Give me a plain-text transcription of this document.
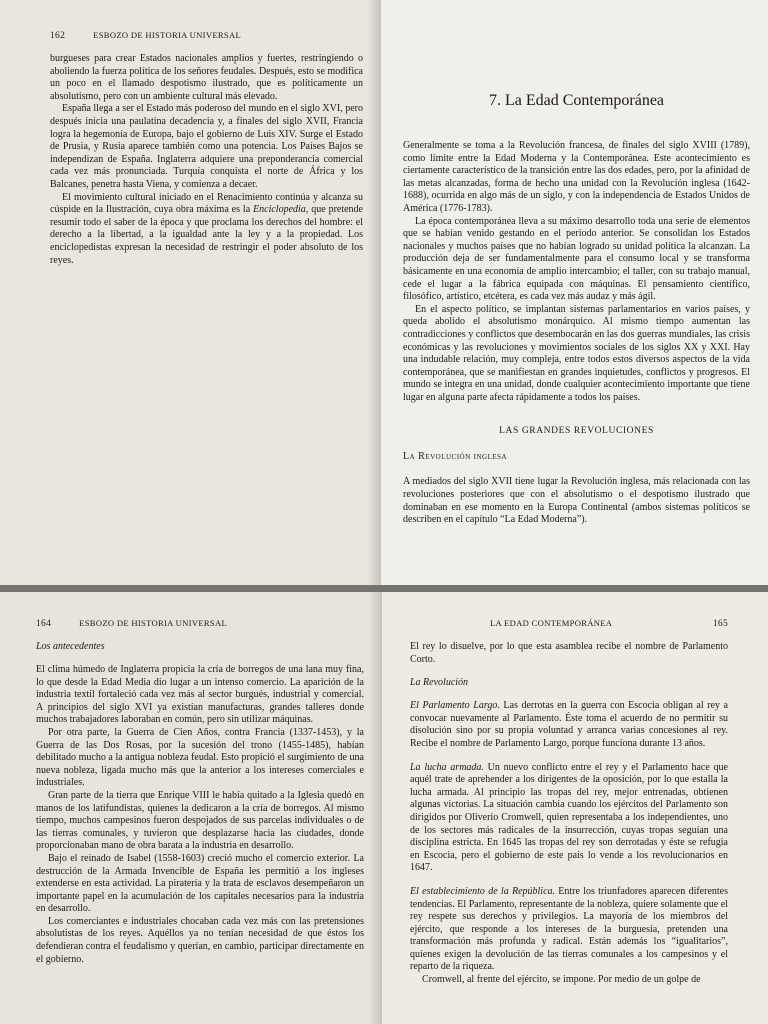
162	ESBOZO DE HISTORIA UNIVERSAL

burgueses para crear Estados nacionales amplios y fuertes, restringiendo o aboliendo la fuerza política de los señores feudales. Después, esto se modifica un poco en el llamado despotismo ilustrado, que es políticamente un absolutismo, pero con un ambiente cultural más elevado.

España llega a ser el Estado más poderoso del mundo en el siglo XVI, pero después inicia una paulatina decadencia y, a finales del siglo XVII, Francia logra la hegemonía de Europa, bajo el gobierno de Luis XIV. Surge el Estado de Prusia, y Rusia aparece también como una potencia. Los Países Bajos se independizan de España. Inglaterra adquiere una preponderancia comercial cada vez más pronunciada. Turquía conquista el norte de África y los Balcanes, penetra hasta Viena, y comienza a decaer.

El movimiento cultural iniciado en el Renacimiento continúa y alcanza su cúspide en la Ilustración, cuya obra máxima es la Enciclopedia, que pretende resumir todo el saber de la época y que proclama los derechos del hombre: el derecho a la libertad, a la igualdad ante la ley y a la propiedad. Los enciclopedistas expresan la necesidad de restringir el poder absoluto de los reyes.

7. La Edad Contemporánea

Generalmente se toma a la Revolución francesa, de finales del siglo XVIII (1789), como límite entre la Edad Moderna y la Contemporánea. Este acontecimiento es ciertamente característico de la transición entre las dos edades, pero, por la afinidad de las metas alcanzadas, forma de hecho una unidad con la Revolución inglesa (1642-1688), ocurrida en algo más de un siglo, y con la independencia de Estados Unidos de América (1776-1783).

La época contemporánea lleva a su máximo desarrollo toda una serie de elementos que se habían venido gestando en el periodo anterior. Se consolidan los Estados nacionales y muchos países que no habían logrado su unidad política la alcanzan. La producción deja de ser fundamentalmente para el consumo local y se transforma básicamente en una economía de amplio intercambio; el taller, con su trabajo manual, cede el lugar a la fábrica equipada con máquinas. El pensamiento científico, filosófico, artístico, etcétera, es cada vez más audaz y más ágil.

En el aspecto político, se implantan sistemas parlamentarios en varios países, y queda abolido el absolutismo monárquico. Al mismo tiempo aumentan las contradicciones y conflictos que desembocarán en las dos guerras mundiales, las crisis económicas y las revoluciones y movimientos sociales de los siglos XX y XXI. Hay una indudable relación, muy compleja, entre todos estos diversos aspectos de la vida contemporánea, que se manifiestan en grandes inquietudes, conflictos y progresos. El mundo se integra en una unidad, donde cualquier acontecimiento importante que tiene lugar en alguna parte afecta rápidamente a todos los países.

LAS GRANDES REVOLUCIONES
La Revolución inglesa

A mediados del siglo XVII tiene lugar la Revolución inglesa, más relacionada con las revoluciones posteriores que con el absolutismo o el despotismo ilustrado que dominaban en ese momento en la Europa Continental (ambos sistemas políticos se describen en el capítulo “La Edad Moderna”).

164	ESBOZO DE HISTORIA UNIVERSAL
Los antecedentes

El clima húmedo de Inglaterra propicia la cría de borregos de una lana muy fina, lo que desde la Edad Media dio lugar a un intenso comercio. La aparición de la industria textil fortaleció cada vez más al sector burgués, industrial y comercial. A principios del siglo XVI ya existían manufacturas, grandes talleres donde muchos trabajadores laboraban en común, pero sin utilizar máquinas.

Por otra parte, la Guerra de Cien Años, contra Francia (1337-1453), y la Guerra de las Dos Rosas, por la sucesión del trono (1455-1485), habían debilitado mucho a la antigua nobleza feudal. Esto propició el surgimiento de una nueva nobleza, ligada mucho más que la anterior a los intereses comerciales e industriales.

Gran parte de la tierra que Enrique VIII le había quitado a la Iglesia quedó en manos de los latifundistas, quienes la dedicaron a la cría de borregos. Al mismo tiempo, muchos campesinos fueron despojados de sus parcelas individuales o de las tierras comunales, y tuvieron que desplazarse hacia las ciudades, donde proporcionaban mano de obra barata a la industria en desarrollo.

Bajo el reinado de Isabel (1558-1603) creció mucho el comercio exterior. La destrucción de la Armada Invencible de España les permitió a los ingleses extenderse en esta actividad. La piratería y la trata de esclavos desempeñaron un importante papel en la acumulación de los capitales necesarios para la industria en desarrollo.

Los comerciantes e industriales chocaban cada vez más con las pretensiones absolutistas de los reyes. Aquéllos ya no tenían necesidad de que éstos los defendieran contra el feudalismo y querían, en cambio, participar directamente en el gobierno.

LA EDAD CONTEMPORÁNEA	165

El rey lo disuelve, por lo que esta asamblea recibe el nombre de Parlamento Corto.

La Revolución

El Parlamento Largo. Las derrotas en la guerra con Escocia obligan al rey a convocar nuevamente al Parlamento. Éste toma el acuerdo de no permitir su disolución sino por su propia voluntad y arranca varias concesiones al rey. Recibe el nombre de Parlamento Largo, porque funciona durante 13 años.

La lucha armada. Un nuevo conflicto entre el rey y el Parlamento hace que aquél trate de aprehender a los dirigentes de la oposición, por lo que estalla la lucha armada. Al principio las tropas del rey, mejor entrenadas, obtienen algunas victorias. La situación cambia cuando los ejércitos del Parlamento son dirigidos por Oliverio Cromwell, quien representaba a los independientes, uno de los sectores más radicales de la insurrección, cuyas tropas seguían una disciplina estricta. En 1645 las tropas del rey son derrotadas y éste se refugia en Escocia, pero el gobierno de este país lo vende a los revolucionarios en 1647.

El establecimiento de la República. Entre los triunfadores aparecen diferentes tendencias. El Parlamento, representante de la nobleza, quiere solamente que el rey respete sus derechos y privilegios. La mayoría de los miembros del ejército, que responde a los intereses de la burguesía, pretenden una transformación más profunda y radical. Están además los “igualitarios”, quienes exigen la devolución de las tierras comunales a los campesinos y el reparto de la riqueza.

Cromwell, al frente del ejército, se impone. Por medio de un golpe de
